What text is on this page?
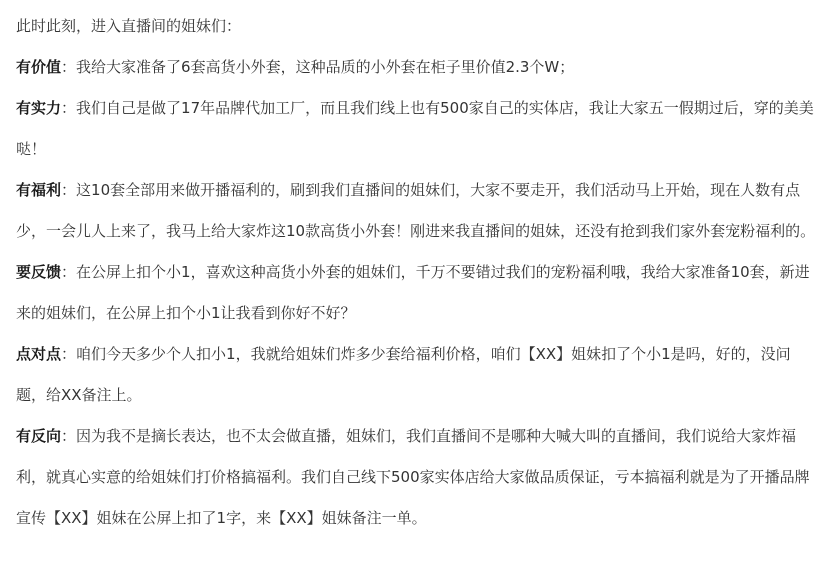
此时此刻，进入直播间的姐妹们：

有价值：我给大家准备了6套高货小外套，这种品质的小外套在柜子里价值2.3个W；

有实力：我们自己是做了17年品牌代加工厂，而且我们线上也有500家自己的实体店，我让大家五一假期过后，穿的美美哒！

有福利：这10套全部用来做开播福利的，刷到我们直播间的姐妹们，大家不要走开，我们活动马上开始，现在人数有点少，一会儿人上来了，我马上给大家炸这10款高货小外套！刚进来我直播间的姐妹，还没有抢到我们家外套宠粉福利的。

要反馈：在公屏上扣个小1，喜欢这种高货小外套的姐妹们，千万不要错过我们的宠粉福利哦，我给大家准备10套，新进来的姐妹们，在公屏上扣个小1让我看到你好不好？

点对点：咱们今天多少个人扣小1，我就给姐妹们炸多少套给福利价格，咱们【XX】姐妹扣了个小1是吗，好的，没问题，给XX备注上。

有反向：因为我不是摘长表达，也不太会做直播，姐妹们，我们直播间不是哪种大喊大叫的直播间，我们说给大家炸福利，就真心实意的给姐妹们打价格搞福利。我们自己线下500家实体店给大家做品质保证，亏本搞福利就是为了开播品牌宣传【XX】姐妹在公屏上扣了1字，来【XX】姐妹备注一单。
